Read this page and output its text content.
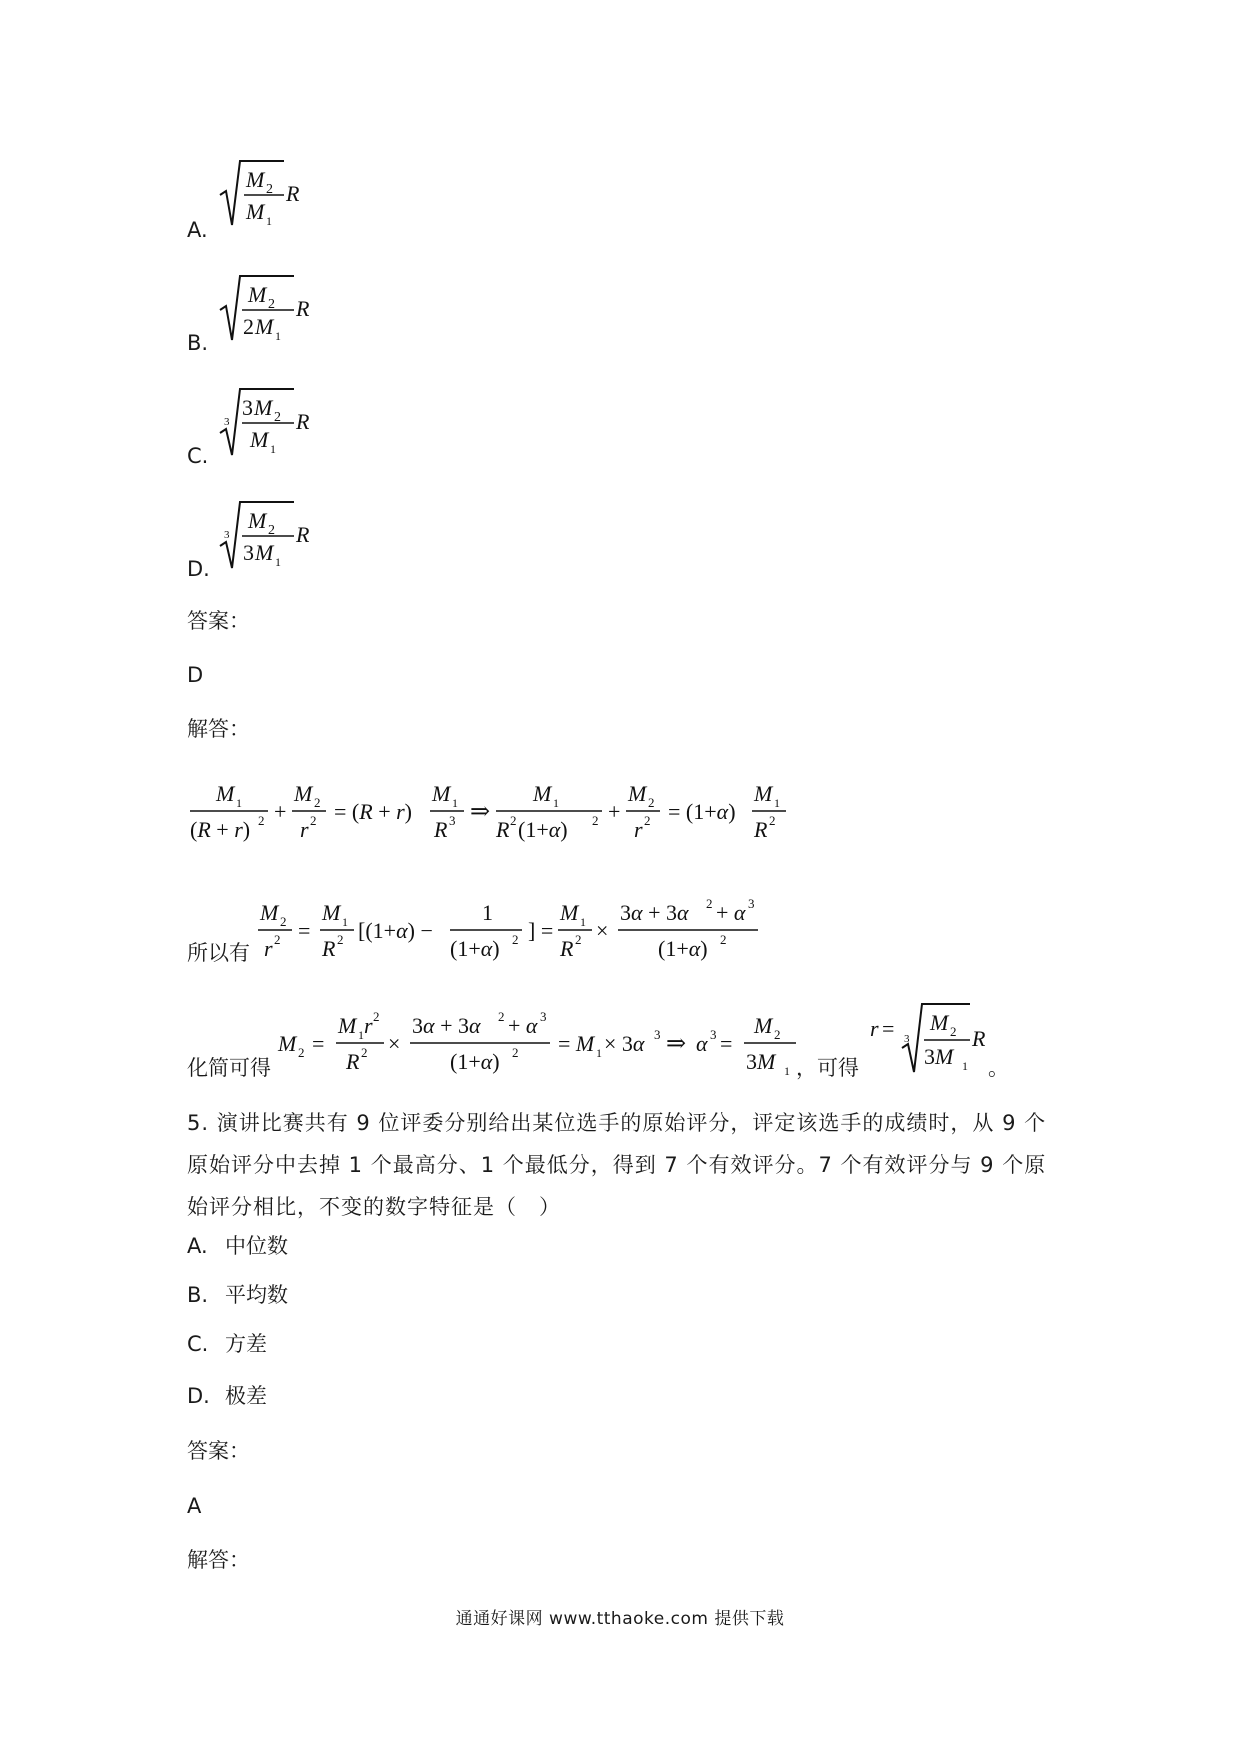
A.
M 2
M 1
R
B.
M 2
2 M 1
R
C.
3
3 M 2
M 1
R
D.
3
M 2
3 M 1
R
答案：
D
解答：
M 1
(R + r) 2 +
M 2
r 2 = (R + r)
M 1
R 3 ⇒
M 1
R 2 (1+α) 2 +
M 2
r 2 = (1+α)
M 1
R 2
所以有
M 2
r 2 =
M 1
R 2 [(1+α) −
1
(1+α) 2 ] =
M 1
R 2 ×
3α + 3α 2 + α 3
(1+α) 2
化简可得
M 2 =
M 1 r 2
R 2 ×
3α + 3α 2 + α 3
(1+α) 2 = M 1 × 3α 3 ⇒ α 3 =
M 2
3M 1 ，可得
r = 3
M 2
3M 1
R
。
5. 演讲比赛共有 9 位评委分别给出某位选手的原始评分，评定该选手的成绩时，从 9 个原始评分中去掉 1 个最高分、1 个最低分，得到 7 个有效评分。7 个有效评分与 9 个原始评分相比，不变的数字特征是（　）
A. 中位数
B. 平均数
C. 方差
D. 极差
答案：
A
解答：
通通好课网 www.tthaoke.com 提供下载
